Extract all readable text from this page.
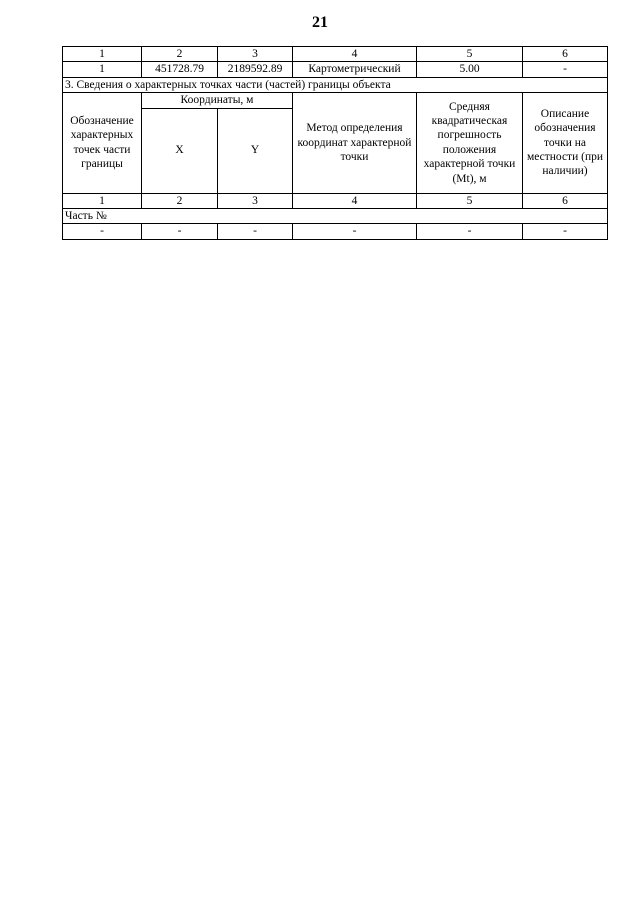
21
1	2	3	4	5	6
1	451728.79	2189592.89	Картометрический	5.00	-
3. Сведения о характерных точках части (частей) границы объекта					
Обозначение характерных точек части границы	Координаты, м		Метод определения координат характерной точки	Средняя квадратическая погрешность положения характерной точки (Mt), м	Описание обозначения точки на местности (при наличии)
	X	Y			
1	2	3	4	5	6
Часть №					
-	-	-	-	-	-
